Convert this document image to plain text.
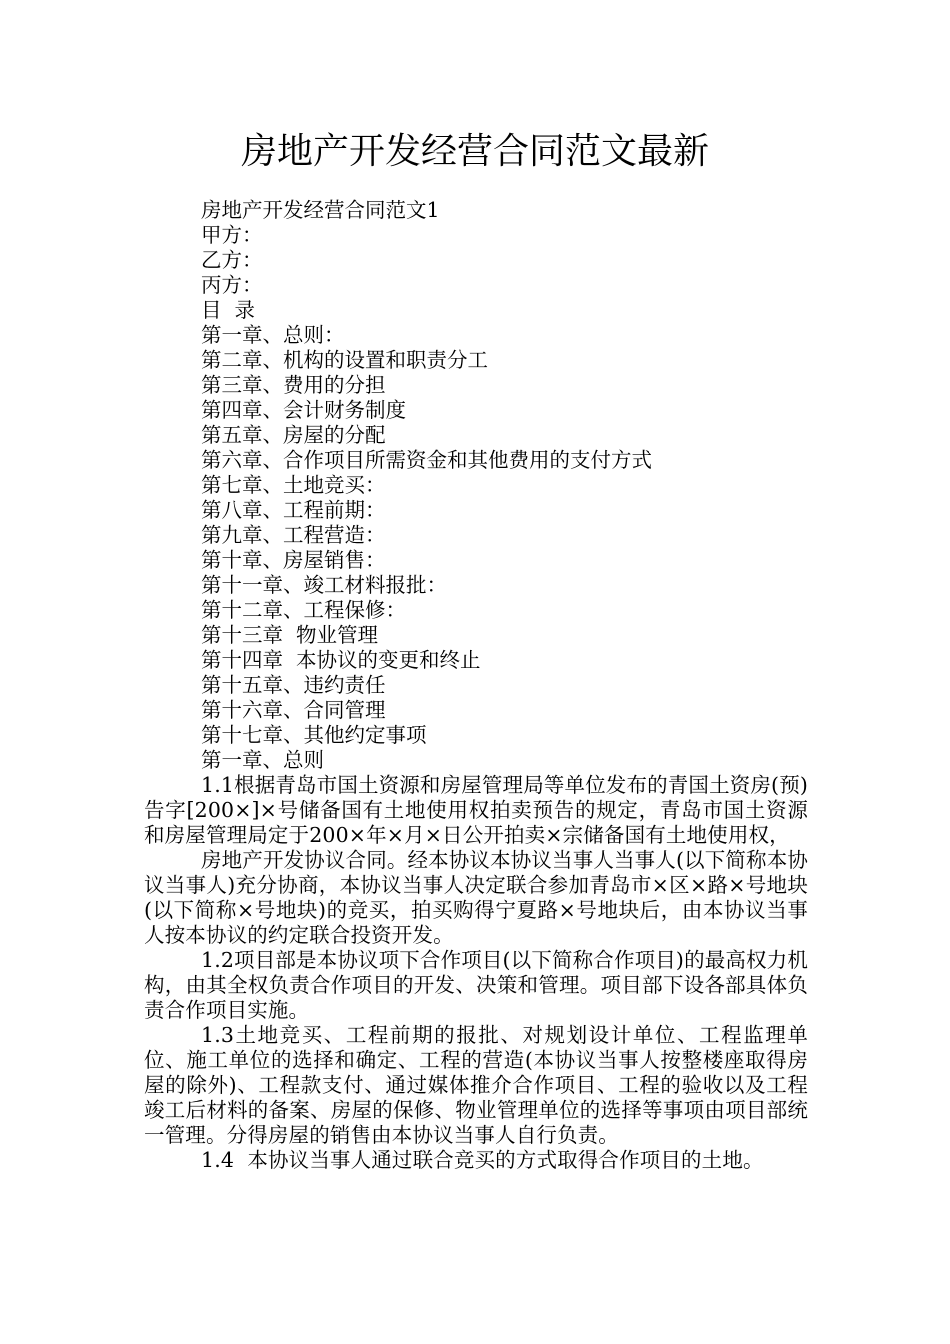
房地产开发经营合同范文最新
房地产开发经营合同范文1
甲方：
乙方：
丙方：
目  录
第一章、总则：
第二章、机构的设置和职责分工
第三章、费用的分担
第四章、会计财务制度
第五章、房屋的分配
第六章、合作项目所需资金和其他费用的支付方式
第七章、土地竞买：
第八章、工程前期：
第九章、工程营造：
第十章、房屋销售：
第十一章、竣工材料报批：
第十二章、工程保修：
第十三章  物业管理
第十四章  本协议的变更和终止
第十五章、违约责任
第十六章、合同管理
第十七章、其他约定事项
第一章、总则
1.1根据青岛市国土资源和房屋管理局等单位发布的青国土资房(预)告字[200×]×号储备国有土地使用权拍卖预告的规定，青岛市国土资源和房屋管理局定于200×年×月×日公开拍卖×宗储备国有土地使用权，
房地产开发协议合同。经本协议本协议当事人当事人(以下简称本协议当事人)充分协商，本协议当事人决定联合参加青岛市×区×路×号地块(以下简称×号地块)的竞买，拍买购得宁夏路×号地块后，由本协议当事人按本协议的约定联合投资开发。
1.2项目部是本协议项下合作项目(以下简称合作项目)的最高权力机构，由其全权负责合作项目的开发、决策和管理。项目部下设各部具体负责合作项目实施。
1.3土地竞买、工程前期的报批、对规划设计单位、工程监理单位、施工单位的选择和确定、工程的营造(本协议当事人按整楼座取得房屋的除外)、工程款支付、通过媒体推介合作项目、工程的验收以及工程竣工后材料的备案、房屋的保修、物业管理单位的选择等事项由项目部统一管理。分得房屋的销售由本协议当事人自行负责。
1.4  本协议当事人通过联合竞买的方式取得合作项目的土地。
